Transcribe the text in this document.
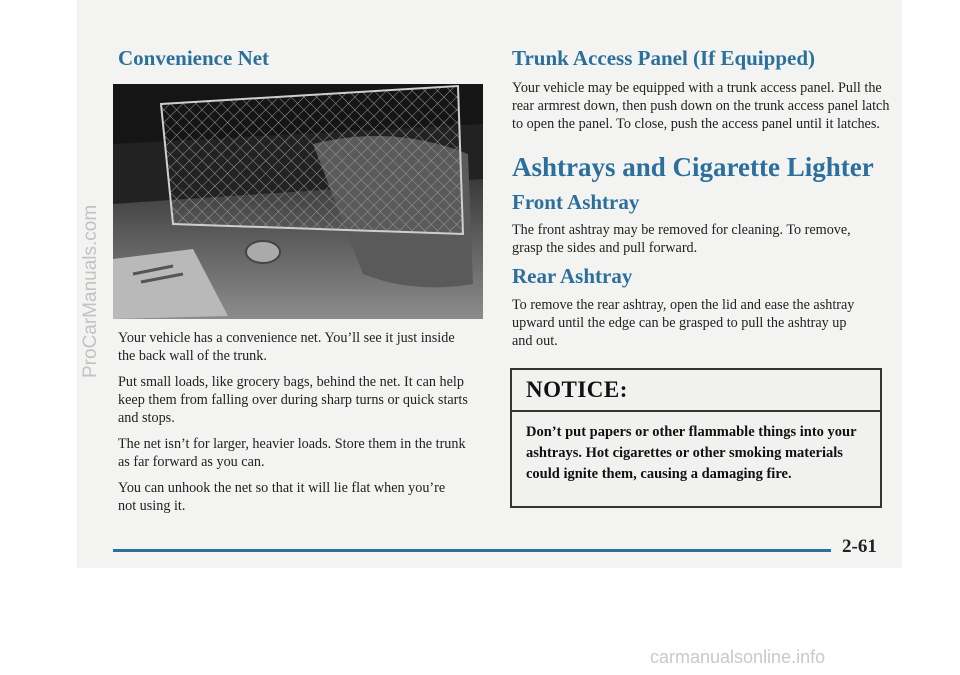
Convenience Net

Your vehicle has a convenience net. You’ll see it just inside the back wall of the trunk.

Put small loads, like grocery bags, behind the net. It can help keep them from falling over during sharp turns or quick starts and stops.

The net isn’t for larger, heavier loads. Store them in the trunk as far forward as you can.

You can unhook the net so that it will lie flat when you’re not using it.

Trunk Access Panel (If Equipped)

Your vehicle may be equipped with a trunk access panel. Pull the rear armrest down, then push down on the trunk access panel latch to open the panel. To close, push the access panel until it latches.

Ashtrays and Cigarette Lighter
Front Ashtray

The front ashtray may be removed for cleaning. To remove, grasp the sides and pull forward.

Rear Ashtray

To remove the rear ashtray, open the lid and ease the ashtray upward until the edge can be grasped to pull the ashtray up and out.

NOTICE:
Don’t put papers or other flammable things into your ashtrays. Hot cigarettes or other smoking materials could ignite them, causing a damaging fire.
2-61
ProCarManuals.com
carmanualsonline.info
